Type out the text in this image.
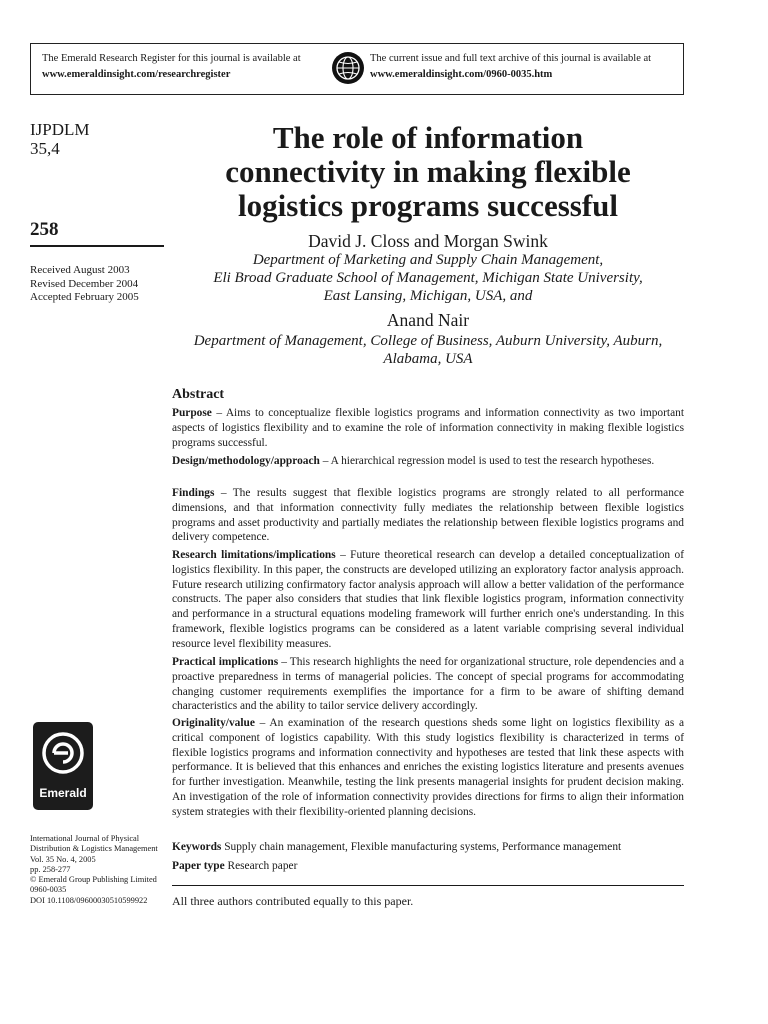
The Emerald Research Register for this journal is available at
www.emeraldinsight.com/researchregister
The current issue and full text archive of this journal is available at
www.emeraldinsight.com/0960-0035.htm
IJPDLM
35,4
258
Received August 2003
Revised December 2004
Accepted February 2005
Emerald
International Journal of Physical
Distribution & Logistics Management
Vol. 35 No. 4, 2005
pp. 258-277
© Emerald Group Publishing Limited
0960-0035
DOI 10.1108/09600030510599922
The role of information
connectivity in making flexible
logistics programs successful
David J. Closs and Morgan Swink
Department of Marketing and Supply Chain Management,
Eli Broad Graduate School of Management, Michigan State University,
East Lansing, Michigan, USA, and
Anand Nair
Department of Management, College of Business, Auburn University, Auburn,
Alabama, USA
Abstract
Purpose – Aims to conceptualize flexible logistics programs and information connectivity as two important aspects of logistics flexibility and to examine the role of information connectivity in making flexible logistics programs successful.
Design/methodology/approach – A hierarchical regression model is used to test the research hypotheses.
Findings – The results suggest that flexible logistics programs are strongly related to all performance dimensions, and that information connectivity fully mediates the relationship between flexible logistics programs and asset productivity and partially mediates the relationship between flexible logistics programs and delivery competence.
Research limitations/implications – Future theoretical research can develop a detailed conceptualization of logistics flexibility. In this paper, the constructs are developed utilizing an exploratory factor analysis approach. Future research utilizing confirmatory factor analysis approach will allow a better validation of the performance constructs. The paper also considers that studies that link flexible logistics program, information connectivity and performance in a structural equations modeling framework will further enrich one's understanding. In this framework, flexible logistics programs can be considered as a latent variable comprising several individual resource level flexibility measures.
Practical implications – This research highlights the need for organizational structure, role dependencies and a proactive preparedness in terms of managerial policies. The concept of special programs for accommodating changing customer requirements exemplifies the importance for a firm to be aware of shifting demand characteristics and the ability to tailor service delivery accordingly.
Originality/value – An examination of the research questions sheds some light on logistics flexibility as a critical component of logistics capability. With this study logistics flexibility is characterized in terms of flexible logistics programs and information connectivity and hypotheses are tested that link these aspects with performance. It is believed that this enhances and enriches the existing logistics literature and presents avenues for further investigation. Meanwhile, testing the link presents managerial insights for prudent decision making. An investigation of the role of information connectivity provides directions for firms to align their information system strategies with their flexibility-oriented planning decisions.
Keywords Supply chain management, Flexible manufacturing systems, Performance management
Paper type Research paper
All three authors contributed equally to this paper.
